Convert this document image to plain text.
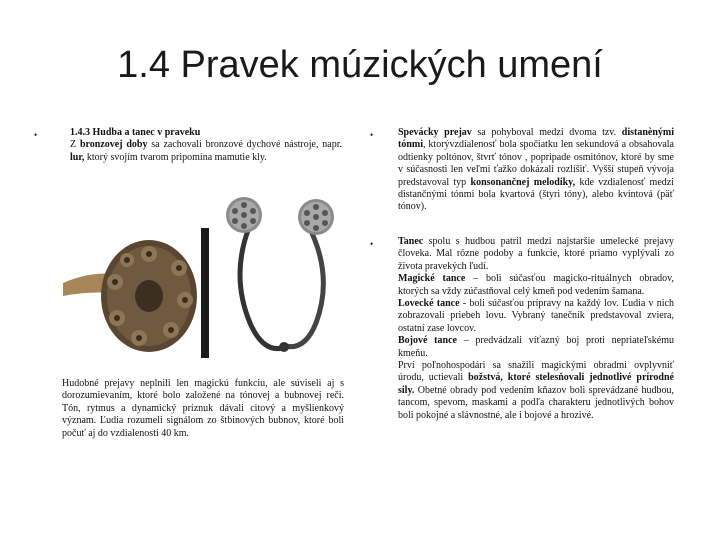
1.4 Pravek múzických umení
•	1.4.3 Hudba a tanec v praveku
Z bronzovej doby sa zachovali bronzové dychové nástroje, napr. lur, ktorý svojím tvarom pripomína mamutie kly.
Hudobné prejavy neplnili len magickú funkciu, ale súviseli aj s dorozumievaním, ktoré bolo založené na tónovej a bubnovej reči. Tón, rytmus a dynamický príznuk dávali citový a myšlienkový význam. Ľudia rozumeli signálom zo štbinových bubnov, ktoré boli počuť aj do vzdialenosti 40 km.
• Spevácky prejav sa pohyboval medzi dvoma tzv. distanènými tónmi, ktorývzdialenosť bola spočiatku len sekundová a obsahovala odtienky poltónov, štvrť tónov , popripade osmitónov, ktoré by sme v súčasnosti len veľmi ťažko dokázali rozlíšiť. Vyšší stupeň vývoja predstavoval typ konsonančnej melodiky, kde vzdialenosť medzi distančnými tónmi bola kvartová (štyri tóny), alebo kvintová (päť tónov).
• Tanec spolu s hudbou patril medzi najstaršie umelecké prejavy človeka. Mal rôzne podoby a funkcie, ktoré priamo vyplývali zo života pravekých ľudí.
Magické tance – boli súčasťou magicko-rituálnych obradov, ktorých sa vždy zúčastňoval celý kmeň pod vedením šamana.
Lovecké tance - boli súčasťou prípravy na každý lov. Ľudia v nich zobrazovali priebeh lovu. Vybraný tanečník predstavoval zviera, ostatní zase lovcov.
Bojové tance – predvádzali víťazný boj proti nepriateľskému kmeňu.
Prví poľnohospodári sa snažili magickými obradmi ovplyvniť úrodu, uctievali božstvá, ktoré stelesňovali jednotlivé prírodné sily. Obetné obrady pod vedením kňazov boli sprevádzané hudbou, tancom, spevom, maskami a podľa charakteru jednotlivých bohov boli pokojné a slávnostné, ale i bojové a hrozivé.
